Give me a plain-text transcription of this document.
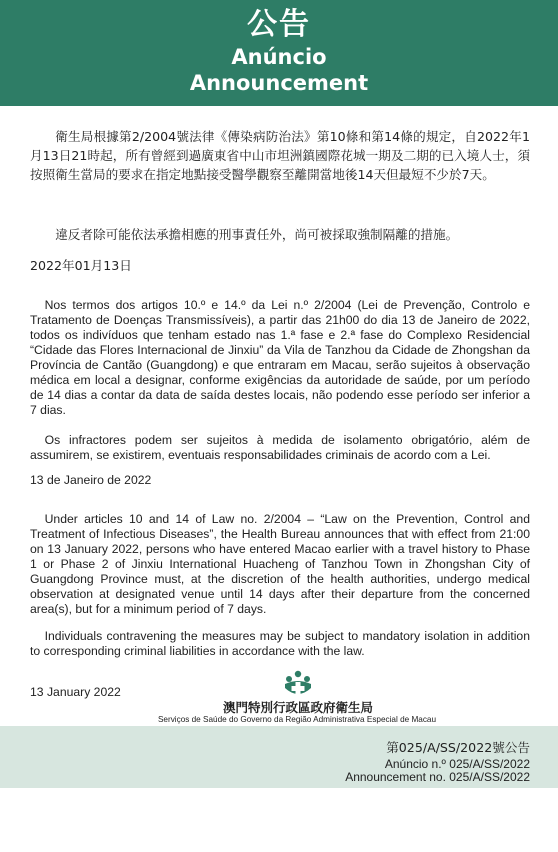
公告
Anúncio
Announcement

衛生局根據第2/2004號法律《傳染病防治法》第10條和第14條的規定，自2022年1月13日21時起，所有曾經到過廣東省中山市坦洲鎮國際花城一期及二期的已入境人士，須按照衛生當局的要求在指定地點接受醫學觀察至離開當地後14天但最短不少於7天。

違反者除可能依法承擔相應的刑事責任外，尚可被採取強制隔離的措施。

2022年01月13日

Nos termos dos artigos 10.º e 14.º da Lei n.º 2/2004 (Lei de Prevenção, Controlo e Tratamento de Doenças Transmissíveis), a partir das 21h00 do dia 13 de Janeiro de 2022, todos os indivíduos que tenham estado nas 1.ª fase e 2.ª fase do Complexo Residencial “Cidade das Flores Internacional de Jinxiu” da Vila de Tanzhou da Cidade de Zhongshan da Província de Cantão (Guangdong) e que entraram em Macau, serão sujeitos à observação médica em local a designar, conforme exigências da autoridade de saúde, por um período de 14 dias a contar da data de saída destes locais, não podendo esse período ser inferior a 7 dias.

Os infractores podem ser sujeitos à medida de isolamento obrigatório, além de assumirem, se existirem, eventuais responsabilidades criminais de acordo com a Lei.

13 de Janeiro de 2022

Under articles 10 and 14 of Law no. 2/2004 – “Law on the Prevention, Control and Treatment of Infectious Diseases”, the Health Bureau announces that with effect from 21:00 on 13 January 2022, persons who have entered Macao earlier with a travel history to Phase 1 or Phase 2 of Jinxiu International Huacheng of Tanzhou Town in Zhongshan City of Guangdong Province must, at the discretion of the health authorities, undergo medical observation at designated venue until 14 days after their departure from the concerned area(s), but for a minimum period of 7 days.

Individuals contravening the measures may be subject to mandatory isolation in addition to corresponding criminal liabilities in accordance with the law.

13 January 2022

澳門特別行政區政府衛生局
Serviços de Saúde do Governo da Região Administrativa Especial de Macau
第025/A/SS/2022號公告
Anúncio n.º 025/A/SS/2022
Announcement no. 025/A/SS/2022
